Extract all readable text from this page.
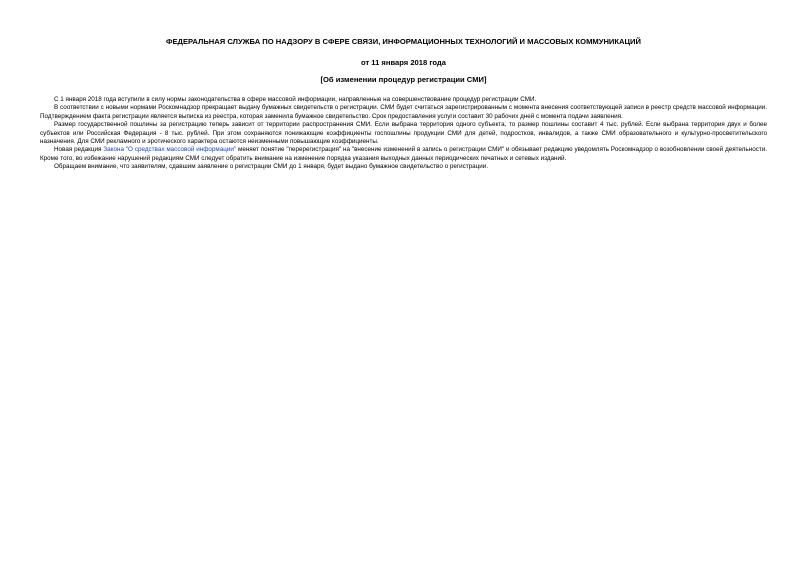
ФЕДЕРАЛЬНАЯ СЛУЖБА ПО НАДЗОРУ В СФЕРЕ СВЯЗИ, ИНФОРМАЦИОННЫХ ТЕХНОЛОГИЙ И МАССОВЫХ КОММУНИКАЦИЙ
от 11 января 2018 года
[Об изменении процедур регистрации СМИ]

С 1 января 2018 года вступили в силу нормы законодательства в сфере массовой информации, направленные на совершенствование процедур регистрации СМИ.

В соответствии с новыми нормами Роскомнадзор прекращает выдачу бумажных свидетельств о регистрации. СМИ будет считаться зарегистрированным с момента внесения соответствующей записи в реестр средств массовой информации. Подтверждением факта регистрации является выписка из реестра, которая заменила бумажное свидетельство. Срок предоставления услуги составит 30 рабочих дней с момента подачи заявления.

Размер государственной пошлины за регистрацию теперь зависит от территории распространения СМИ. Если выбрана территория одного субъекта, то размер пошлины составит 4 тыс. рублей. Если выбрана территория двух и более субъектов или Российская Федерация - 8 тыс. рублей. При этом сохраняются понижающие коэффициенты госпошлины продукции СМИ для детей, подростков, инвалидов, а также СМИ образовательного и культурно-просветительского назначения. Для СМИ рекламного и эротического характера остаются неизменными повышающие коэффициенты.

Новая редакция Закона "О средствах массовой информации" меняет понятие "перерегистрация" на "внесение изменений в запись о регистрации СМИ" и обязывает редакцию уведомлять Роскомнадзор о возобновлении своей деятельности. Кроме того, во избежание нарушений редакциям СМИ следует обратить внимание на изменение порядка указания выходных данных периодических печатных и сетевых изданий.

Обращаем внимание, что заявителям, сдавшим заявление о регистрации СМИ до 1 января, будет выдано бумажное свидетельство о регистрации.
